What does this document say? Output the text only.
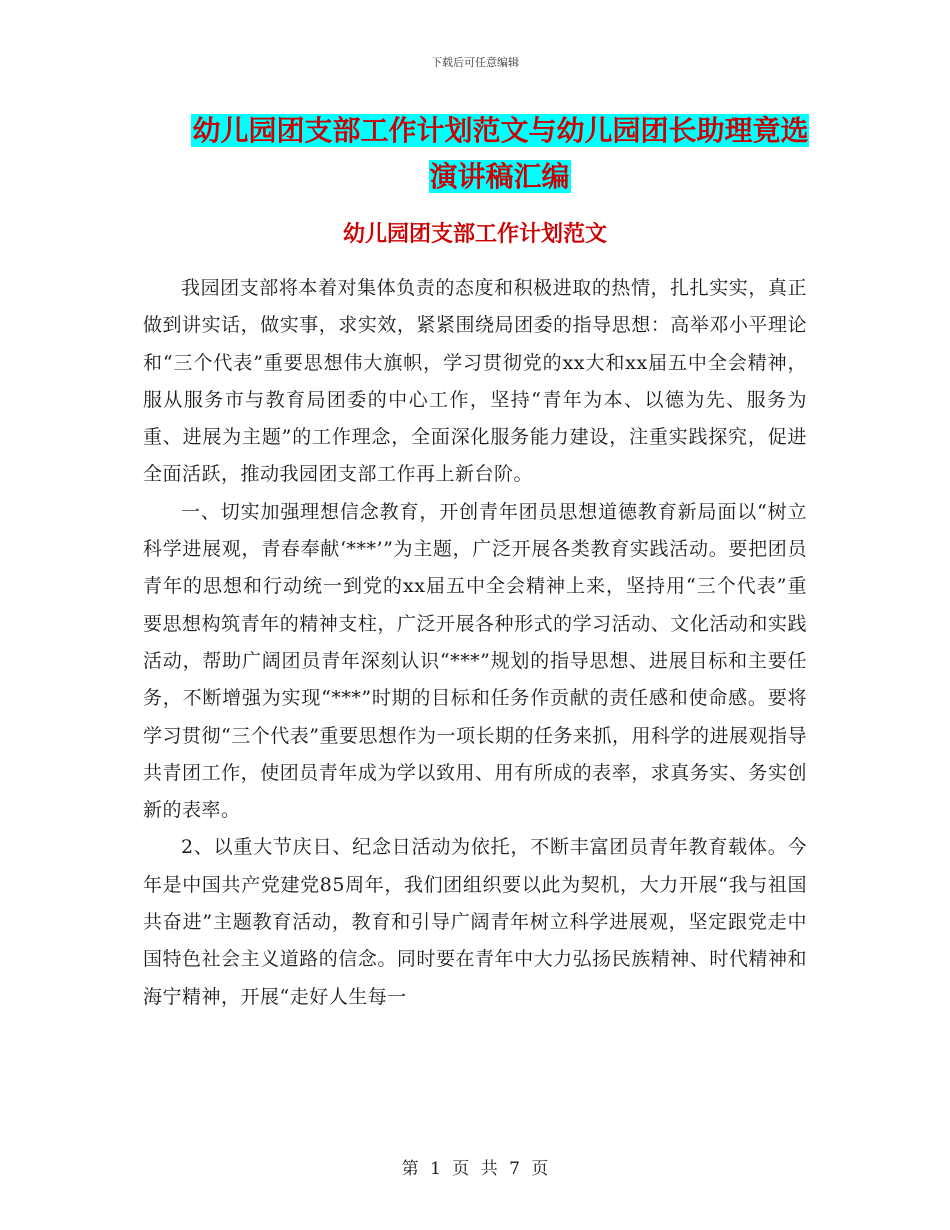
下载后可任意编辑
幼儿园团支部工作计划范文与幼儿园团长助理竟选演讲稿汇编
幼儿园团支部工作计划范文

我园团支部将本着对集体负责的态度和积极进取的热情，扎扎实实，真正做到讲实话，做实事，求实效，紧紧围绕局团委的指导思想：高举邓小平理论和“三个代表”重要思想伟大旗帜，学习贯彻党的xx大和xx届五中全会精神，服从服务市与教育局团委的中心工作，坚持“青年为本、以德为先、服务为重、进展为主题”的工作理念，全面深化服务能力建设，注重实践探究，促进全面活跃，推动我园团支部工作再上新台阶。

一、切实加强理想信念教育，开创青年团员思想道德教育新局面以“树立科学进展观，青春奉献‘***’”为主题，广泛开展各类教育实践活动。要把团员青年的思想和行动统一到党的xx届五中全会精神上来，坚持用“三个代表”重要思想构筑青年的精神支柱，广泛开展各种形式的学习活动、文化活动和实践活动，帮助广阔团员青年深刻认识“***”规划的指导思想、进展目标和主要任务，不断增强为实现“***”时期的目标和任务作贡献的责任感和使命感。要将学习贯彻“三个代表”重要思想作为一项长期的任务来抓，用科学的进展观指导共青团工作，使团员青年成为学以致用、用有所成的表率，求真务实、务实创新的表率。

2、以重大节庆日、纪念日活动为依托，不断丰富团员青年教育载体。今年是中国共产党建党85周年，我们团组织要以此为契机，大力开展“我与祖国共奋进”主题教育活动，教育和引导广阔青年树立科学进展观，坚定跟党走中国特色社会主义道路的信念。同时要在青年中大力弘扬民族精神、时代精神和海宁精神，开展“走好人生每一

第 1 页 共 7 页
